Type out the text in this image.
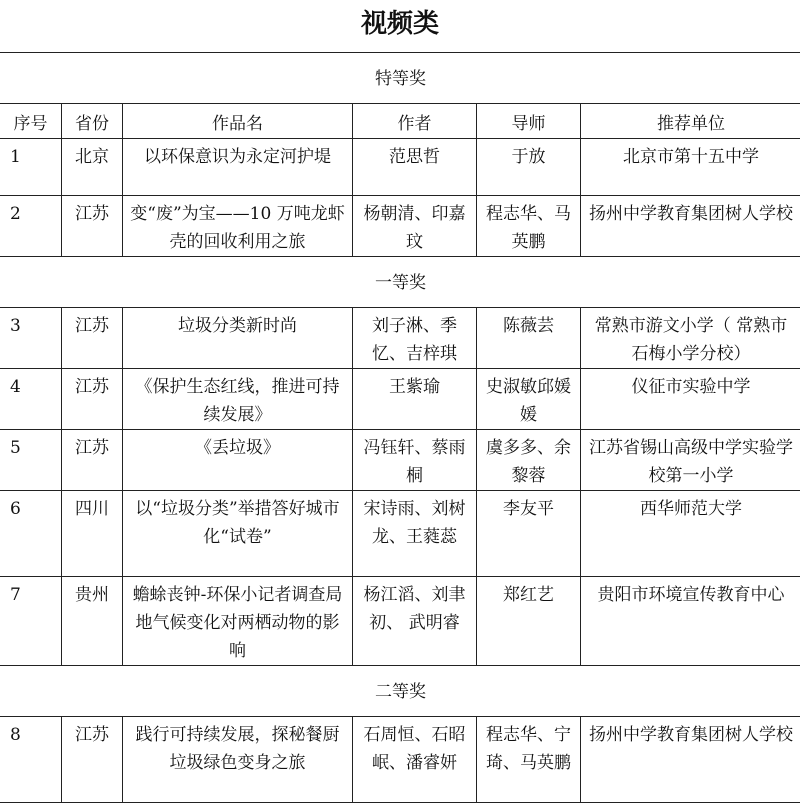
视频类
特等奖					
序号	省份	作品名	作者	导师	推荐单位
1	北京	以环保意识为永定河护堤	范思哲	于放	北京市第十五中学
2	江苏	变“废”为宝——10 万吨龙虾壳的回收利用之旅	杨朝清、印嘉玟	程志华、马英鹏	扬州中学教育集团树人学校
一等奖					
3	江苏	垃圾分类新时尚	刘子淋、季忆、吉梓琪	陈薇芸	常熟市游文小学（ 常熟市石梅小学分校）
4	江苏	《保护生态红线，推进可持续发展》	王紫瑜	史淑敏邱媛媛	仪征市实验中学
5	江苏	《丢垃圾》	冯钰轩、蔡雨桐	虞多多、余黎蓉	江苏省锡山高级中学实验学校第一小学
6	四川	以“垃圾分类”举措答好城市化“试卷”	宋诗雨、刘树龙、王蕤蕊	李友平	西华师范大学
7	贵州	蟾蜍丧钟-环保小记者调查局地气候变化对两栖动物的影响	杨江滔、刘聿初、 武明睿	郑红艺	贵阳市环境宣传教育中心
二等奖					
8	江苏	践行可持续发展，探秘餐厨垃圾绿色变身之旅	石周恒、石昭岷、潘睿妍	程志华、宁琦、马英鹏	扬州中学教育集团树人学校
